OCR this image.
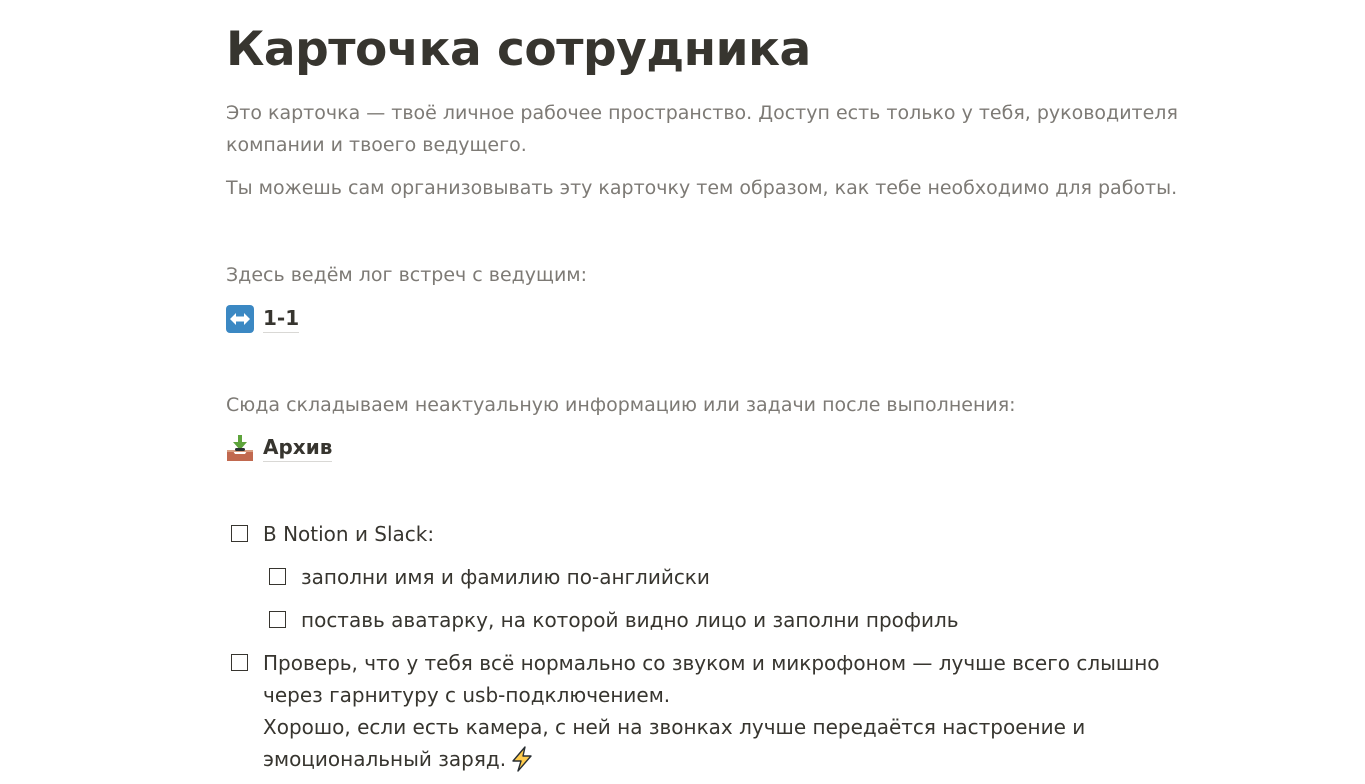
Карточка сотрудника

Это карточка — твоё личное рабочее пространство. Доступ есть только у тебя, руководителя компании и твоего ведущего.

Ты можешь сам организовывать эту карточку тем образом, как тебе необходимо для работы.

Здесь ведём лог встреч с ведущим:

1-1

Сюда складываем неактуальную информацию или задачи после выполнения:

Архив
В Notion и Slack:
заполни имя и фамилию по-английски
поставь аватарку, на которой видно лицо и заполни профиль

Проверь, что у тебя всё нормально со звуком и микрофоном — лучше всего слышно

через гарнитуру с usb-подключением.

Хорошо, если есть камера, с ней на звонках лучше передаётся настроение и

эмоциональный заряд.
